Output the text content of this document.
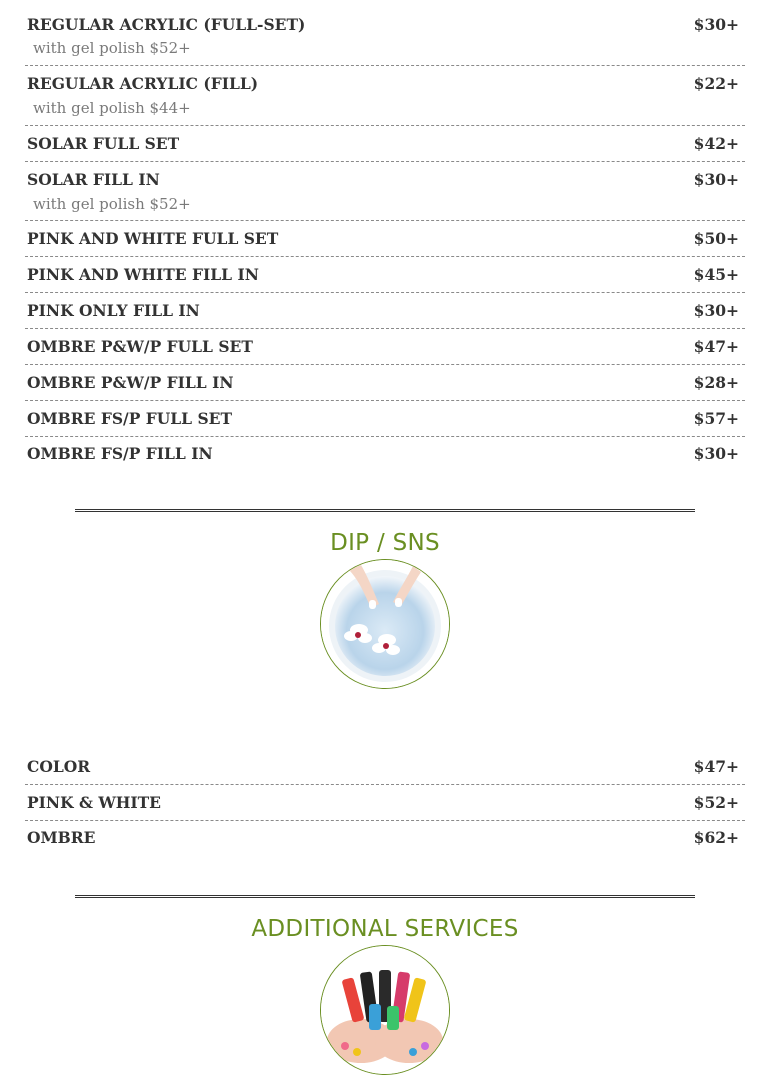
REGULAR ACRYLIC (FULL-SET)	$30+
with gel polish $52+
REGULAR ACRYLIC (FILL)	$22+
with gel polish $44+
SOLAR FULL SET	$42+
SOLAR FILL IN	$30+
with gel polish $52+
PINK AND WHITE FULL SET	$50+
PINK AND WHITE FILL IN	$45+
PINK ONLY FILL IN	$30+
OMBRE P&W/P FULL SET	$47+
OMBRE P&W/P FILL IN	$28+
OMBRE FS/P FULL SET	$57+
OMBRE FS/P FILL IN	$30+
DIP / SNS
COLOR	$47+
PINK & WHITE	$52+
OMBRE	$62+
ADDITIONAL SERVICES
